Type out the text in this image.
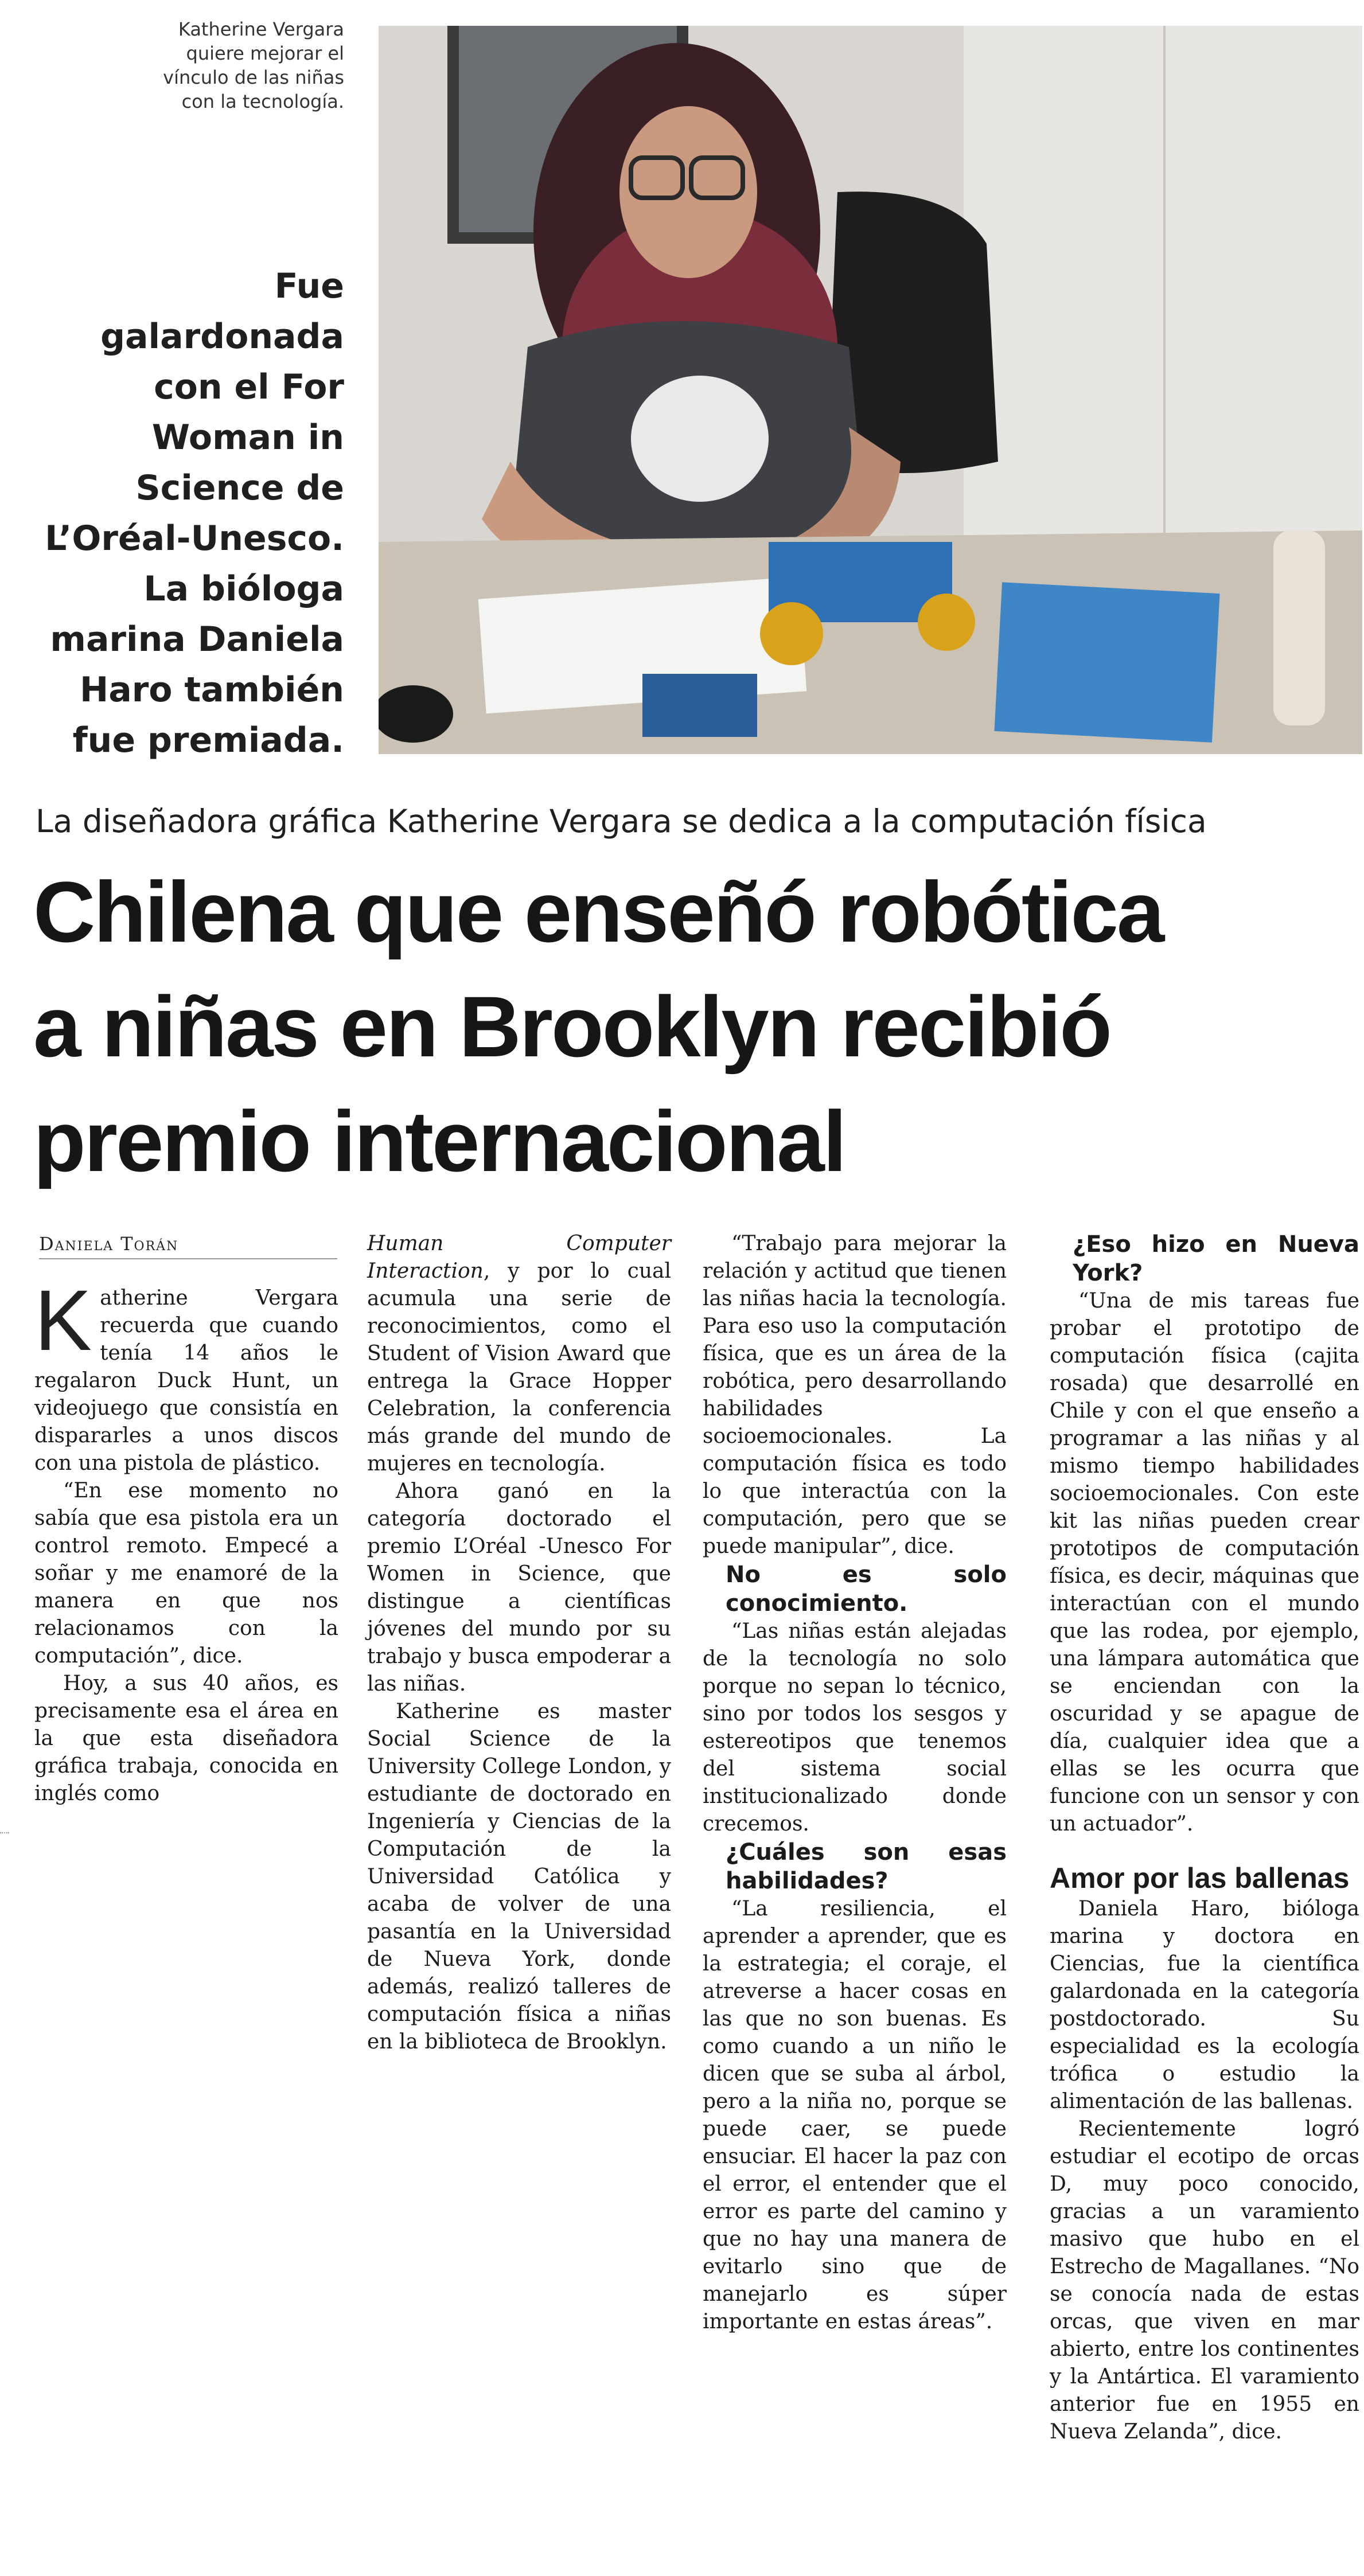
Katherine Vergara quiere mejorar el vínculo de las niñas con la tecnología.
Fue galardonada con el For Woman in Science de L’Oréal-Unesco. La bióloga marina Daniela Haro también fue premiada.
La diseñadora gráfica Katherine Vergara se dedica a la computación física
Chilena que enseñó robótica
a niñas en Brooklyn recibió
premio internacional
Daniela Torán

Katherine Vergara recuerda que cuando tenía 14 años le regalaron Duck Hunt, un videojuego que consistía en dispararles a unos discos con una pistola de plástico.

“En ese momento no sabía que esa pistola era un control remoto. Empecé a soñar y me enamoré de la manera en que nos relacionamos con la computación”, dice.

Hoy, a sus 40 años, es precisamente esa el área en la que esta diseñadora gráfica trabaja, conocida en inglés como

Human Computer Interaction, y por lo cual acumula una serie de reconocimientos, como el Student of Vision Award que entrega la Grace Hopper Celebration, la conferencia más grande del mundo de mujeres en tecnología.

Ahora ganó en la categoría doctorado el premio L’Oréal -Unesco For Women in Science, que distingue a científicas jóvenes del mundo por su trabajo y busca empoderar a las niñas.

Katherine es master Social Science de la University College London, y estudiante de doctorado en Ingeniería y Ciencias de la Computación de la Universidad Católica y acaba de volver de una pasantía en la Universidad de Nueva York, donde además, realizó talleres de computación física a niñas en la biblioteca de Brooklyn.

“Trabajo para mejorar la relación y actitud que tienen las niñas hacia la tecnología. Para eso uso la computación física, que es un área de la robótica, pero desarrollando habilidades socioemocionales. La computación física es todo lo que interactúa con la computación, pero que se puede manipular”, dice.

No es solo conocimiento.

“Las niñas están alejadas de la tecnología no solo porque no sepan lo técnico, sino por todos los sesgos y estereotipos que tenemos del sistema social institucionalizado donde crecemos.

¿Cuáles son esas habilidades?

“La resiliencia, el aprender a aprender, que es la estrategia; el coraje, el atreverse a hacer cosas en las que no son buenas. Es como cuando a un niño le dicen que se suba al árbol, pero a la niña no, porque se puede caer, se puede ensuciar. El hacer la paz con el error, el entender que el error es parte del camino y que no hay una manera de evitarlo sino que de manejarlo es súper importante en estas áreas”.

¿Eso hizo en Nueva York?

“Una de mis tareas fue probar el prototipo de computación física (cajita rosada) que desarrollé en Chile y con el que enseño a programar a las niñas y al mismo tiempo habilidades socioemocionales. Con este kit las niñas pueden crear prototipos de computación física, es decir, máquinas que interactúan con el mundo que las rodea, por ejemplo, una lámpara automática que se enciendan con la oscuridad y se apague de día, cualquier idea que a ellas se les ocurra que funcione con un sensor y con un actuador”.

Amor por las ballenas

Daniela Haro, bióloga marina y doctora en Ciencias, fue la científica galardonada en la categoría postdoctorado. Su especialidad es la ecología trófica o estudio la alimentación de las ballenas.

Recientemente logró estudiar el ecotipo de orcas D, muy poco conocido, gracias a un varamiento masivo que hubo en el Estrecho de Magallanes. “No se conocía nada de estas orcas, que viven en mar abierto, entre los continentes y la Antártica. El varamiento anterior fue en 1955 en Nueva Zelanda”, dice.
